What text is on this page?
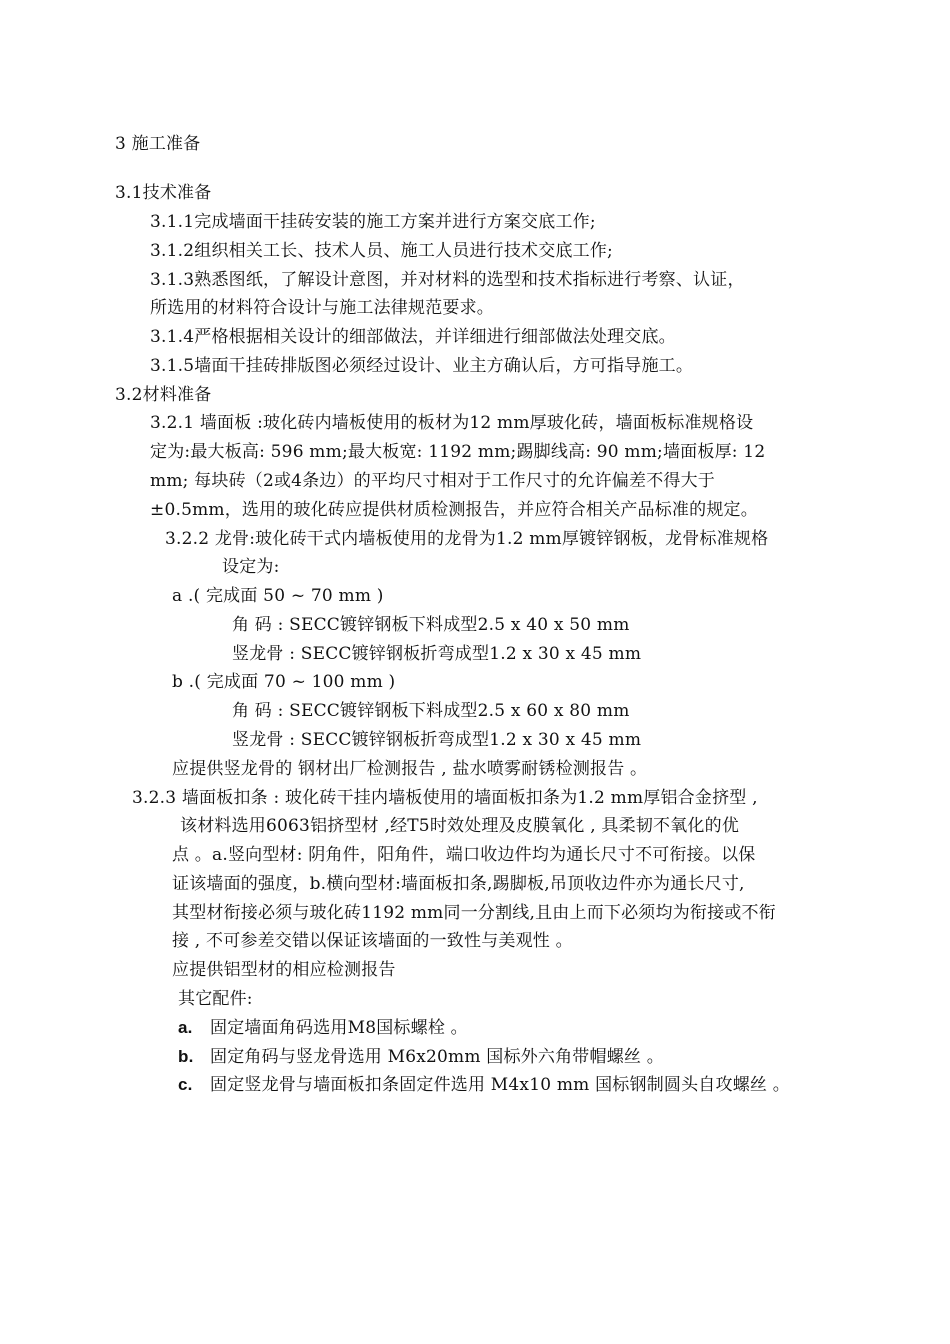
3 施工准备
3.1技术准备
3.1.1完成墙面干挂砖安装的施工方案并进行方案交底工作;
3.1.2组织相关工长、技术人员、施工人员进行技术交底工作;
3.1.3熟悉图纸，了解设计意图，并对材料的选型和技术指标进行考察、认证，
所选用的材料符合设计与施工法律规范要求。
3.1.4严格根据相关设计的细部做法，并详细进行细部做法处理交底。
3.1.5墙面干挂砖排版图必须经过设计、业主方确认后，方可指导施工。
3.2材料准备
3.2.1 墙面板 :玻化砖内墙板使用的板材为12 mm厚玻化砖，墙面板标准规格设
定为:最大板高: 596 mm;最大板宽: 1192 mm;踢脚线高: 90 mm;墙面板厚: 12
mm; 每块砖（2或4条边）的平均尺寸相对于工作尺寸的允许偏差不得大于
±0.5mm，选用的玻化砖应提供材质检测报告，并应符合相关产品标准的规定。
3.2.2 龙骨:玻化砖干式内墙板使用的龙骨为1.2 mm厚镀锌钢板，龙骨标准规格
设定为:
a .( 完成面 50 ~ 70 mm )
角 码 : SECC镀锌钢板下料成型2.5 x 40 x 50 mm
竖龙骨 : SECC镀锌钢板折弯成型1.2 x 30 x 45 mm
b .( 完成面 70 ~ 100 mm )
角 码 : SECC镀锌钢板下料成型2.5 x 60 x 80 mm
竖龙骨 : SECC镀锌钢板折弯成型1.2 x 30 x 45 mm
应提供竖龙骨的 钢材出厂检测报告 , 盐水喷雾耐锈检测报告 。
3.2.3 墙面板扣条 : 玻化砖干挂内墙板使用的墙面板扣条为1.2 mm厚铝合金挤型 ,
该材料选用6063铝挤型材 ,经T5时效处理及皮膜氧化 , 具柔韧不氧化的优
点 。a.竖向型材: 阴角件，阳角件，端口收边件均为通长尺寸不可衔接。以保
证该墙面的强度，b.横向型材:墙面板扣条,踢脚板,吊顶收边件亦为通长尺寸,
其型材衔接必须与玻化砖1192 mm同一分割线,且由上而下必须均为衔接或不衔
接 , 不可参差交错以保证该墙面的一致性与美观性 。
应提供铝型材的相应检测报告
其它配件:
a. 固定墙面角码选用M8国标螺栓 。
b. 固定角码与竖龙骨选用 M6x20mm 国标外六角带帽螺丝 。
c. 固定竖龙骨与墙面板扣条固定件选用 M4x10 mm 国标钢制圆头自攻螺丝 。
